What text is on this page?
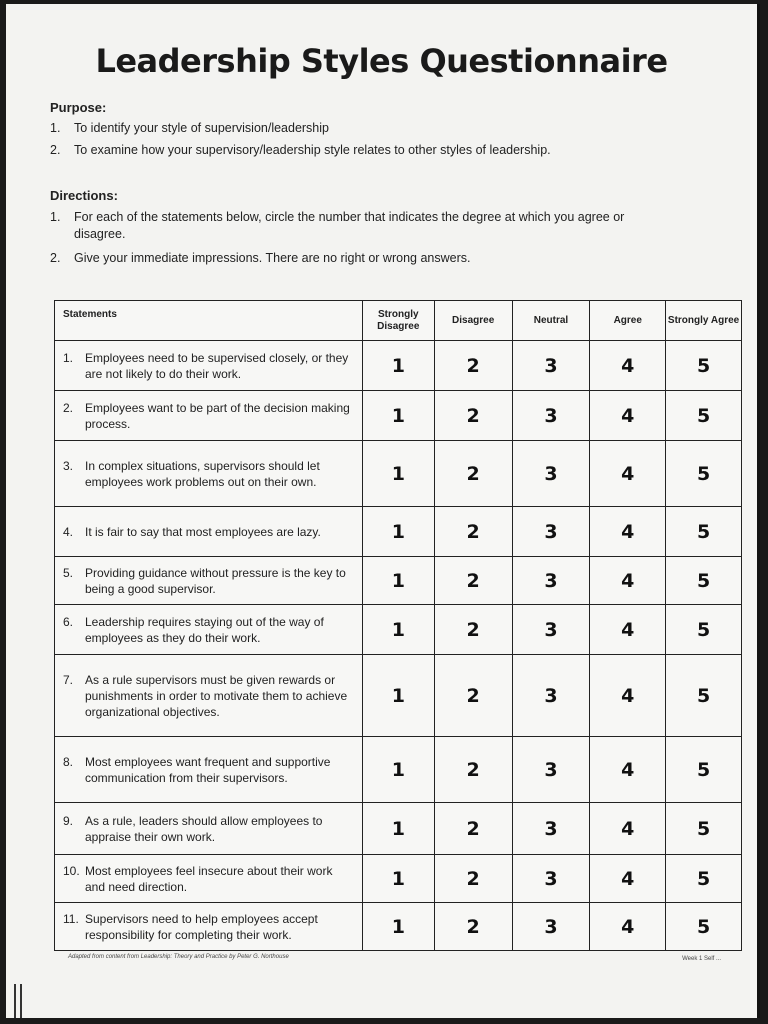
Leadership Styles Questionnaire
Purpose:
1. To identify your style of supervision/leadership
2. To examine how your supervisory/leadership style relates to other styles of leadership.
Directions:
1. For each of the statements below, circle the number that indicates the degree at which you agree or disagree.
2. Give your immediate impressions. There are no right or wrong answers.
Statements	Strongly Disagree	Disagree	Neutral	Agree	Strongly Agree
1. Employees need to be supervised closely, or they are not likely to do their work.	1	2	3	4	5
2. Employees want to be part of the decision making process.	1	2	3	4	5
3. In complex situations, supervisors should let employees work problems out on their own.	1	2	3	4	5
4. It is fair to say that most employees are lazy.	1	2	3	4	5
5. Providing guidance without pressure is the key to being a good supervisor.	1	2	3	4	5
6. Leadership requires staying out of the way of employees as they do their work.	1	2	3	4	5
7. As a rule supervisors must be given rewards or punishments in order to motivate them to achieve organizational objectives.	1	2	3	4	5
8. Most employees want frequent and supportive communication from their supervisors.	1	2	3	4	5
9. As a rule, leaders should allow employees to appraise their own work.	1	2	3	4	5
10. Most employees feel insecure about their work and need direction.	1	2	3	4	5
11. Supervisors need to help employees accept responsibility for completing their work.	1	2	3	4	5
Adapted from content from Leadership: Theory and Practice by Peter G. Northouse	Week 1 Self ...
